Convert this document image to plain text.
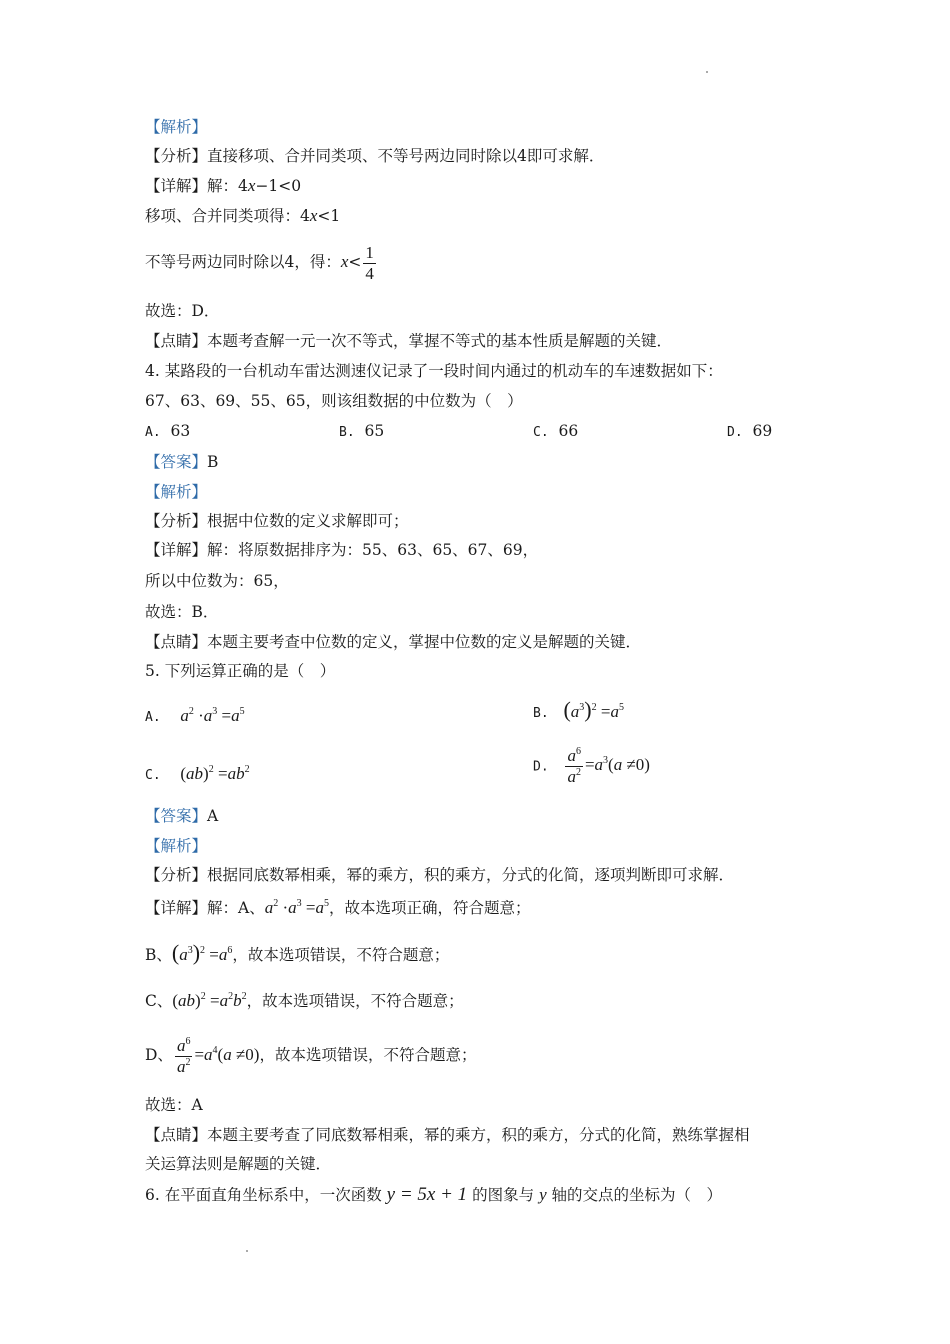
【解析】
【分析】直接移项、合并同类项、不等号两边同时除以4即可求解．
【详解】解：4x−1<0
移项、合并同类项得：4x<1
不等号两边同时除以4，得：$x< \frac{1}{4}$
故选：D．
【点睛】本题考查解一元一次不等式，掌握不等式的基本性质是解题的关键．
4. 某路段的一台机动车雷达测速仪记录了一段时间内通过的机动车的车速数据如下：
67、63、69、55、65，则该组数据的中位数为（　）
A. 63	B. 65	C. 66	D. 69
【答案】B
【解析】
【分析】根据中位数的定义求解即可；
【详解】解：将原数据排序为：55、63、65、67、69，
所以中位数为：65，
故选：B．
【点睛】本题主要考查中位数的定义，掌握中位数的定义是解题的关键．
5. 下列运算正确的是（　）
A. $a^2 \cdot a^3 =a^5$	B. $(a^3)^2 =a^5$
C. $(ab)^2 =ab^2$	D. $\frac{a^6}{a^2} =a^3(a \ne 0)$
【答案】A
【解析】
【分析】根据同底数幂相乘，幂的乘方，积的乘方，分式的化简，逐项判断即可求解．
【详解】解：A、$a^2 \cdot a^3 =a^5$，故本选项正确，符合题意；
B、$(a^3)^2 =a^6$，故本选项错误，不符合题意；
C、$(ab)^2 =a^2b^2$，故本选项错误，不符合题意；
D、 $\frac{a^6}{a^2} =a^4(a \ne 0)$，故本选项错误，不符合题意；
故选：A
【点睛】本题主要考查了同底数幂相乘，幂的乘方，积的乘方，分式的化简，熟练掌握相
关运算法则是解题的关键．
6. 在平面直角坐标系中，一次函数 y = 5x + 1 的图象与 y 轴的交点的坐标为（　）
